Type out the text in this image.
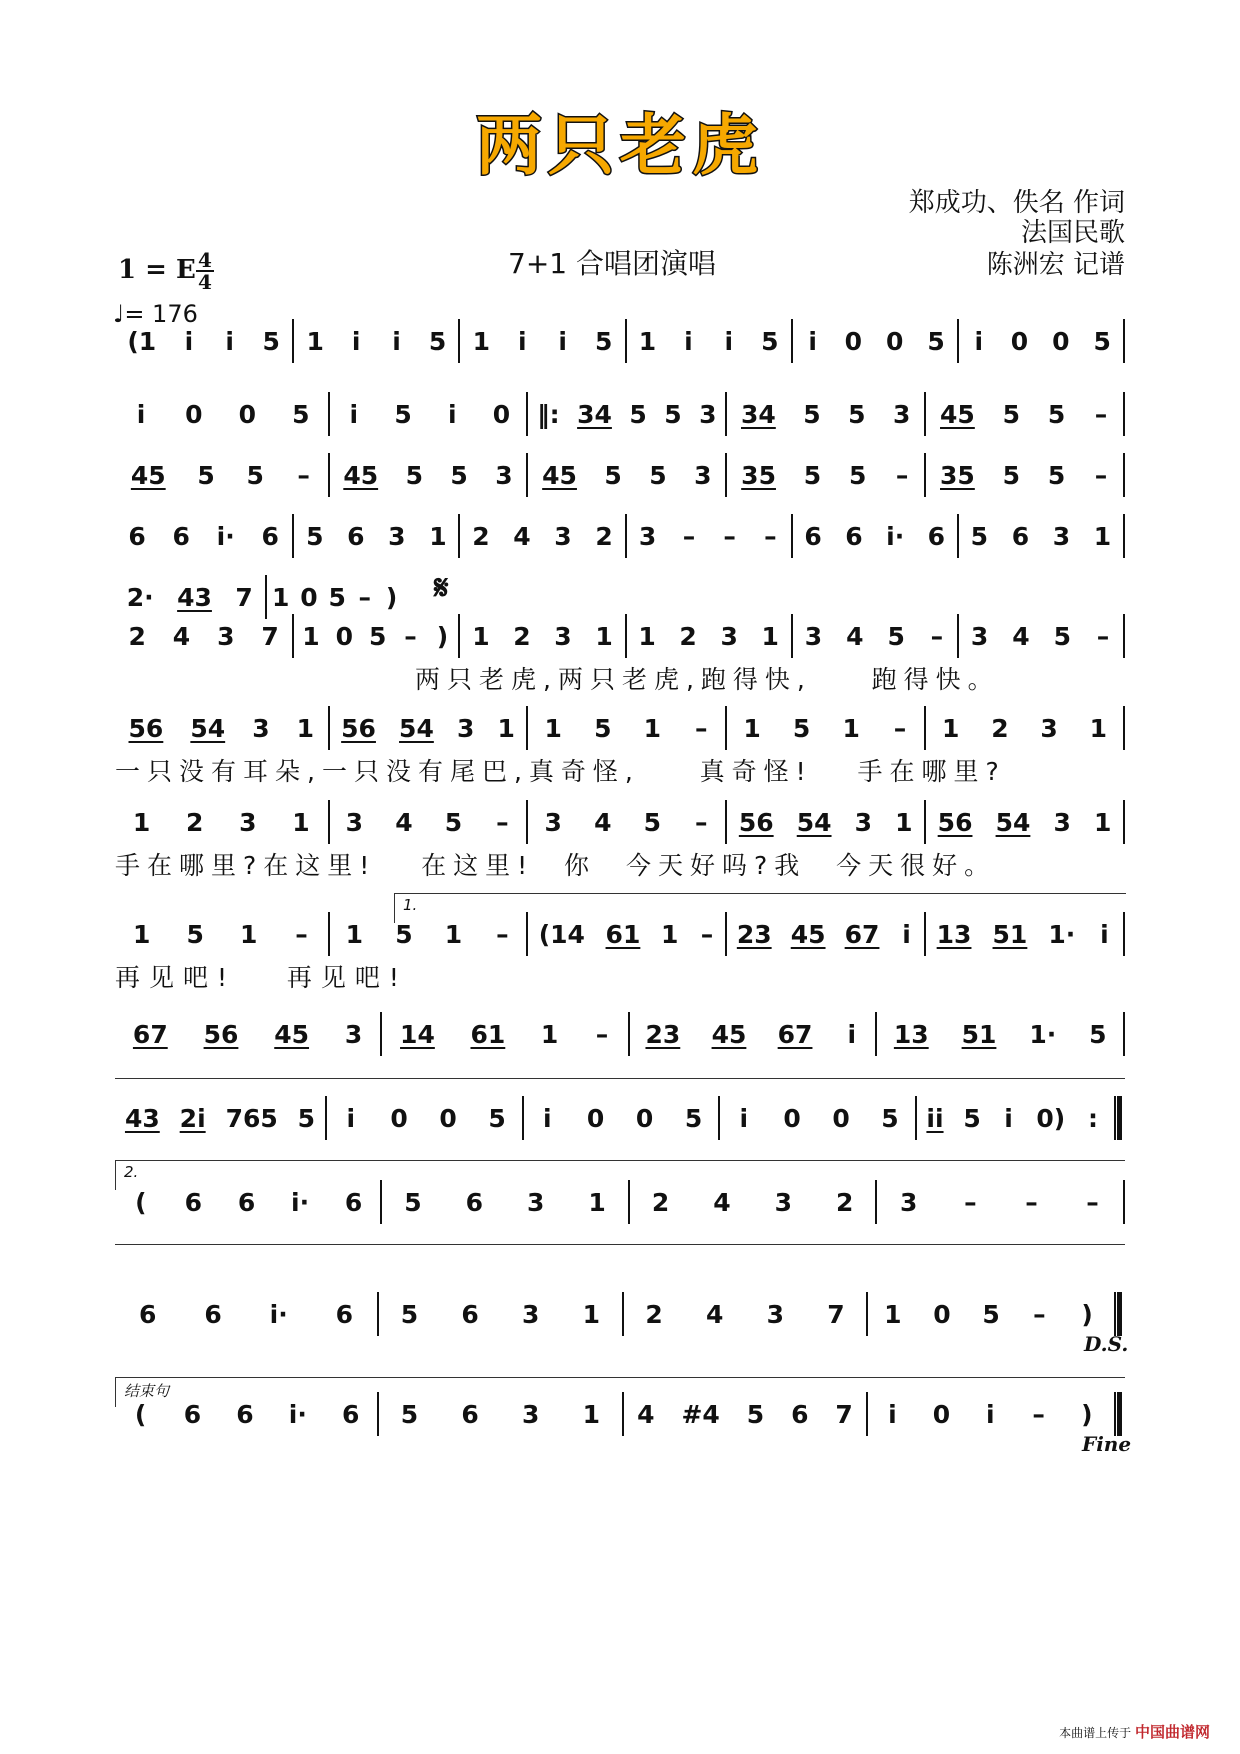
两只老虎
郑成功、佚名 作词
法国民歌
陈洲宏 记谱
7+1 合唱团演唱
1 = E 4
4
♩= 176
(1 i i 5 1 i i 5 1 i i 5 1 i i 5 i 0 0 5 i 0 0 5
i 0 0 5 i 5 i 0 ‖: 34 5 5 3 34 5 5 3 45 5 5 –
45 5 5 – 45 5 5 3 45 5 5 3 35 5 5 – 35 5 5 –
6 6 i· 6 5 6 3 1 2 4 3 2 3 – – – 6 6 i· 6 5 6 3 1
2· 43 7 1 0 5 – ) 𝄋
2 4 3 7 1 0 5 – ) 1 2 3 1 1 2 3 1 3 4 5 – 3 4 5 –
两只老虎,两只老虎,跑得快,    跑得快。
56 54 3 1 56 54 3 1 1 5 1 – 1 5 1 – 1 2 3 1
一只没有耳朵,一只没有尾巴,真奇怪,    真奇怪!   手在哪里?
1 2 3 1 3 4 5 – 3 4 5 – 56 54 3 1 56 54 3 1
手在哪里?在这里!   在这里!  你  今天好吗?我  今天很好。
1.
1 5 1 – 1 5 1 – (14 61 1 – 23 45 67 i 13 51 1· i
再见吧!   再见吧!
67 56 45 3 14 61 1 – 23 45 67 i 13 51 1· 5
43 2i 765 5 i 0 0 5 i 0 0 5 i 0 0 5 ii 5 i 0) :
2.
( 6 6 i· 6 5 6 3 1 2 4 3 2 3 – – –
6 6 i· 6 5 6 3 1 2 4 3 7 1 0 5 – )
D.S.
结束句
( 6 6 i· 6 5 6 3 1 4 #4 5 6 7 i 0 i – )
Fine
本曲谱上传于 中国曲谱网
